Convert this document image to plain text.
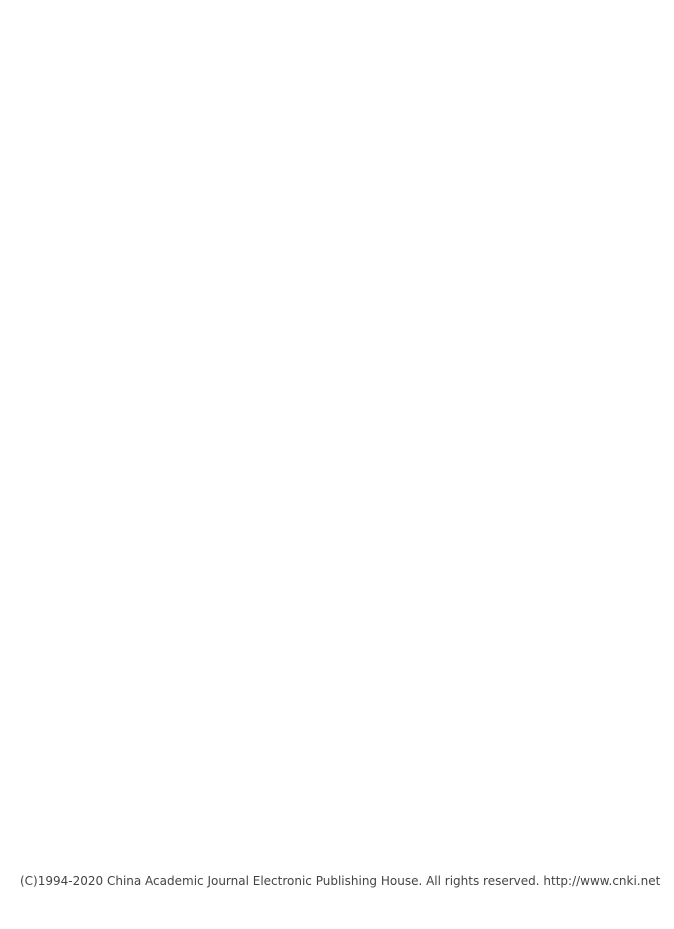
(C)1994-2020 China Academic Journal Electronic Publishing House. All rights reserved. http://www.cnki.net
